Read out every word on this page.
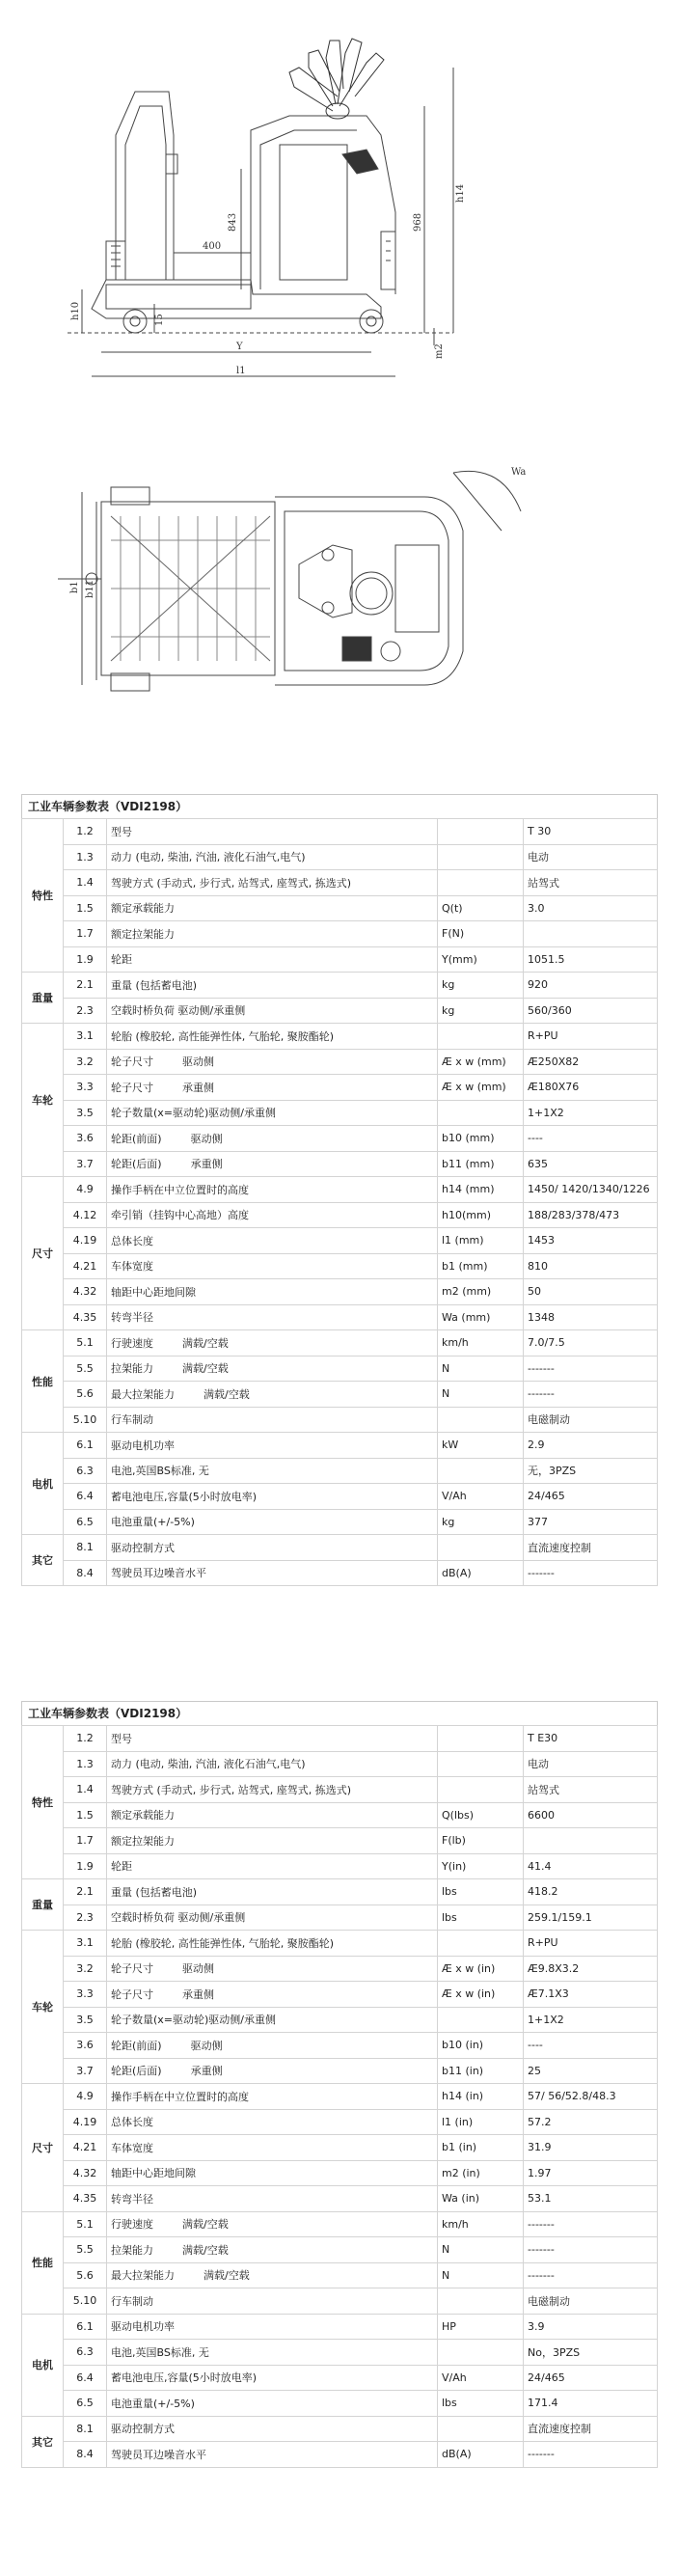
400
843	968
h14
h10
Y
l1
m2
15
Wa
b1 b11
工业车辆参数表（VDI2198）
特性	1.2	型号		T 30
	1.3	动力 (电动, 柴油, 汽油, 液化石油气,电气)		电动
	1.4	驾驶方式 (手动式, 步行式, 站驾式, 座驾式, 拣选式)		站驾式
	1.5	额定承载能力	Q(t)	3.0
	1.7	额定拉架能力	F(N)	
	1.9	轮距	Y(mm)	1051.5
重量	2.1	重量 (包括蓄电池)	kg	920
	2.3	空载时桥负荷 驱动侧/承重侧	kg	560/360
车轮	3.1	轮胎 (橡胶轮, 高性能弹性体, 气胎轮, 聚胺酯轮)		R+PU
	3.2	轮子尺寸 驱动侧	Æ x w (mm)	Æ250X82
	3.3	轮子尺寸 承重侧	Æ x w (mm)	Æ180X76
	3.5	轮子数量(x=驱动轮)驱动侧/承重侧		1+1X2
	3.6	轮距(前面) 驱动侧	b10 (mm)	----
	3.7	轮距(后面) 承重侧	b11 (mm)	635
尺寸	4.9	操作手柄在中立位置时的高度	h14 (mm)	1450/ 1420/1340/1226
	4.12	牵引销（挂钩中心高地）高度	h10(mm)	188/283/378/473
	4.19	总体长度	l1 (mm)	1453
	4.21	车体宽度	b1 (mm)	810
	4.32	轴距中心距地间隙	m2 (mm)	50
	4.35	转弯半径	Wa (mm)	1348
性能	5.1	行驶速度 满载/空载	km/h	7.0/7.5
	5.5	拉架能力 满载/空载	N	-------
	5.6	最大拉架能力 满载/空载	N	-------
	5.10	行车制动		电磁制动
电机	6.1	驱动电机功率	kW	2.9
	6.3	电池,英国BS标准, 无		无，3PZS
	6.4	蓄电池电压,容量(5小时放电率)	V/Ah	24/465
	6.5	电池重量(+/-5%)	kg	377
其它	8.1	驱动控制方式		直流速度控制
	8.4	驾驶员耳边噪音水平	dB(A)	-------
工业车辆参数表（VDI2198）
特性	1.2	型号		T E30
	1.3	动力 (电动, 柴油, 汽油, 液化石油气,电气)		电动
	1.4	驾驶方式 (手动式, 步行式, 站驾式, 座驾式, 拣选式)		站驾式
	1.5	额定承载能力	Q(lbs)	6600
	1.7	额定拉架能力	F(lb)	
	1.9	轮距	Y(in)	41.4
重量	2.1	重量 (包括蓄电池)	lbs	418.2
	2.3	空载时桥负荷 驱动侧/承重侧	lbs	259.1/159.1
车轮	3.1	轮胎 (橡胶轮, 高性能弹性体, 气胎轮, 聚胺酯轮)		R+PU
	3.2	轮子尺寸 驱动侧	Æ x w (in)	Æ9.8X3.2
	3.3	轮子尺寸 承重侧	Æ x w (in)	Æ7.1X3
	3.5	轮子数量(x=驱动轮)驱动侧/承重侧		1+1X2
	3.6	轮距(前面) 驱动侧	b10 (in)	----
	3.7	轮距(后面) 承重侧	b11 (in)	25
尺寸	4.9	操作手柄在中立位置时的高度	h14 (in)	57/ 56/52.8/48.3
	4.19	总体长度	l1 (in)	57.2
	4.21	车体宽度	b1 (in)	31.9
	4.32	轴距中心距地间隙	m2 (in)	1.97
	4.35	转弯半径	Wa (in)	53.1
性能	5.1	行驶速度 满载/空载	km/h	-------
	5.5	拉架能力 满载/空载	N	-------
	5.6	最大拉架能力 满载/空载	N	-------
	5.10	行车制动		电磁制动
电机	6.1	驱动电机功率	HP	3.9
	6.3	电池,英国BS标准, 无		No，3PZS
	6.4	蓄电池电压,容量(5小时放电率)	V/Ah	24/465
	6.5	电池重量(+/-5%)	lbs	171.4
其它	8.1	驱动控制方式		直流速度控制
	8.4	驾驶员耳边噪音水平	dB(A)	-------
